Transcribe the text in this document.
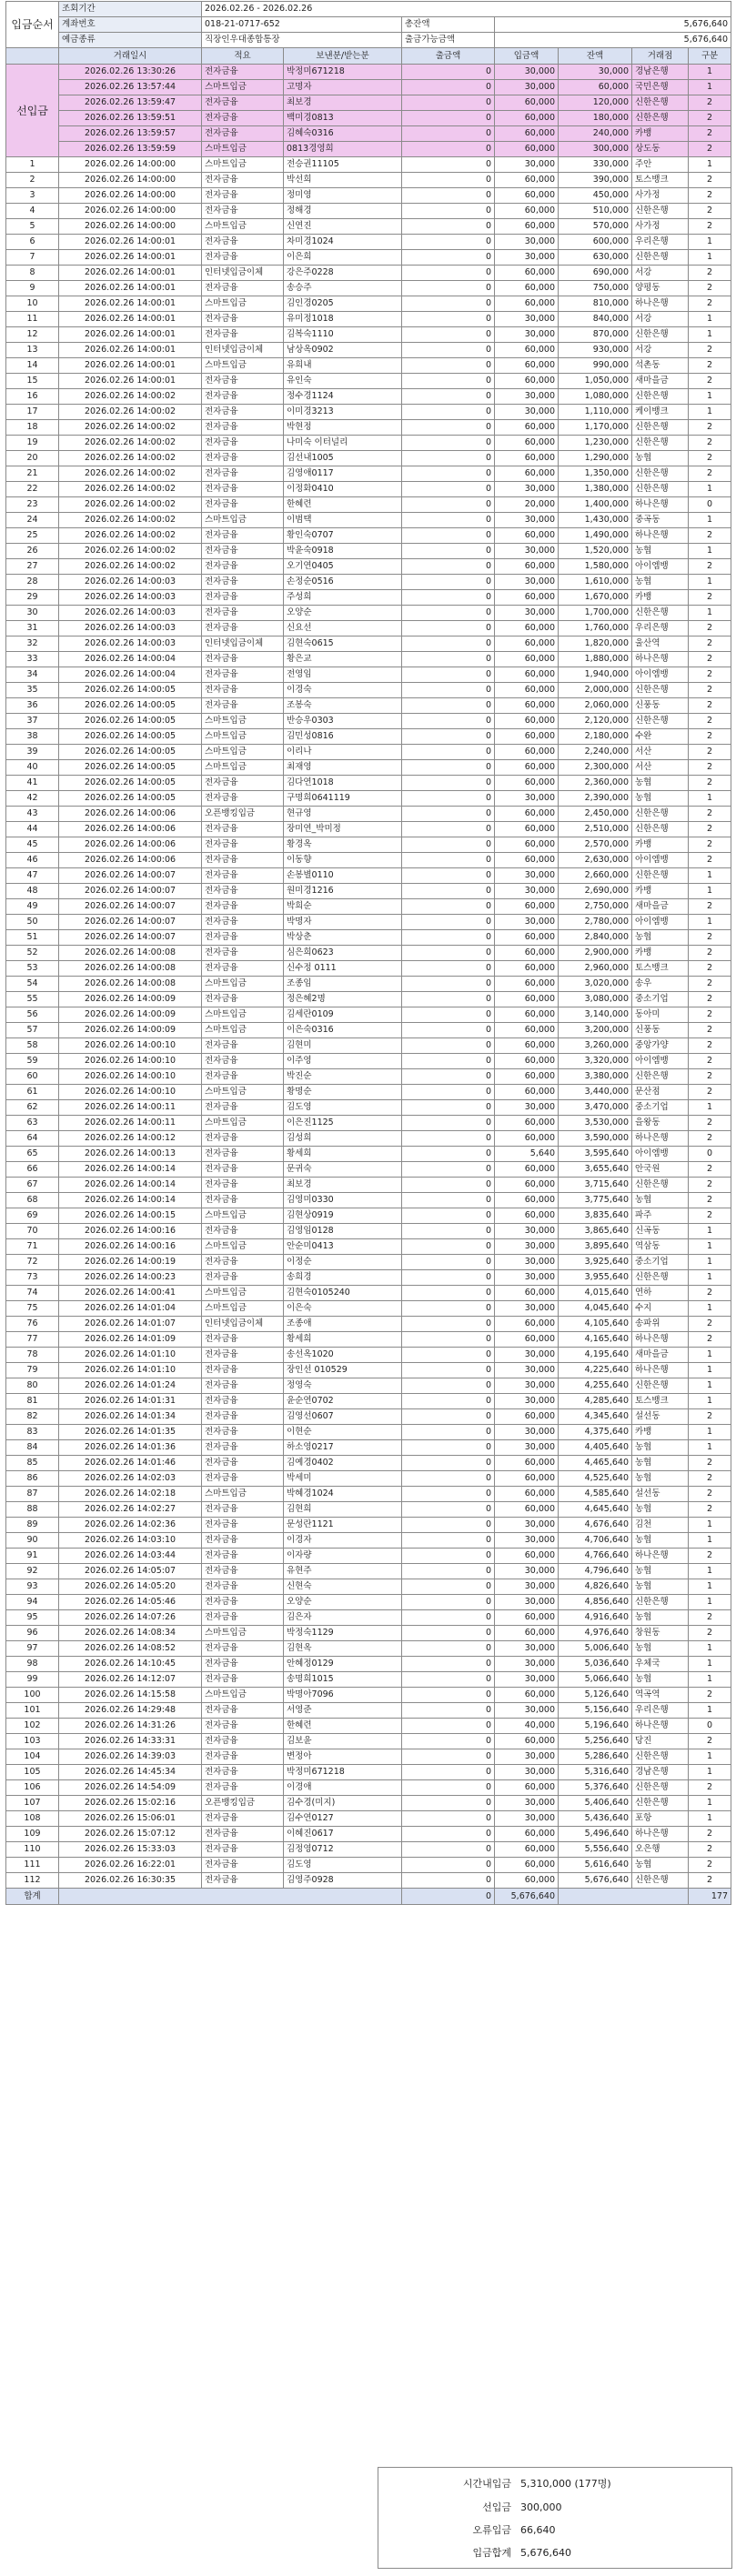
입금순서	조회기간	2026.02.26 - 2026.02.26						
	계좌번호	018-21-0717-652		총잔액	5,676,640			
	예금종류	직장인우대종합통장		출금가능금액	5,676,640			
	거래일시	적요	보낸분/받는분	출금액	입금액	잔액	거래점	구분
선입금	2026.02.26 13:30:26	전자금융	박정미671218	0	30,000	30,000	경남은행	1
	2026.02.26 13:57:44	스마트입금	고명자	0	30,000	60,000	국민은행	1
	2026.02.26 13:59:47	전자금융	최보경	0	60,000	120,000	신한은행	2
	2026.02.26 13:59:51	전자금융	백미경0813	0	60,000	180,000	신한은행	2
	2026.02.26 13:59:57	전자금융	김혜숙0316	0	60,000	240,000	카뱅	2
	2026.02.26 13:59:59	스마트입금	0813경영희	0	60,000	300,000	상도동	2
1	2026.02.26 14:00:00	스마트입금	전승권11105	0	30,000	330,000	주안	1
2	2026.02.26 14:00:00	전자금융	박선희	0	60,000	390,000	토스뱅크	2
3	2026.02.26 14:00:00	전자금융	정미영	0	60,000	450,000	사가정	2
4	2026.02.26 14:00:00	전자금융	정해경	0	60,000	510,000	신한은행	2
5	2026.02.26 14:00:00	스마트입금	신연진	0	60,000	570,000	사가정	2
6	2026.02.26 14:00:01	전자금융	차미경1024	0	30,000	600,000	우리은행	1
7	2026.02.26 14:00:01	전자금융	이은희	0	30,000	630,000	신한은행	1
8	2026.02.26 14:00:01	인터넷입금이체	강은주0228	0	60,000	690,000	서강	2
9	2026.02.26 14:00:01	전자금융	송승주	0	60,000	750,000	양평동	2
10	2026.02.26 14:00:01	스마트입금	김인경0205	0	60,000	810,000	하나은행	2
11	2026.02.26 14:00:01	전자금융	유미정1018	0	30,000	840,000	서강	1
12	2026.02.26 14:00:01	전자금융	김복숙1110	0	30,000	870,000	신한은행	1
13	2026.02.26 14:00:01	인터넷입금이체	남상옥0902	0	60,000	930,000	서강	2
14	2026.02.26 14:00:01	스마트입금	유희내	0	60,000	990,000	석촌동	2
15	2026.02.26 14:00:01	전자금융	유인숙	0	60,000	1,050,000	새마을금	2
16	2026.02.26 14:00:02	전자금융	정수경1124	0	30,000	1,080,000	신한은행	1
17	2026.02.26 14:00:02	전자금융	이미경3213	0	30,000	1,110,000	케이뱅크	1
18	2026.02.26 14:00:02	전자금융	박현정	0	60,000	1,170,000	신한은행	2
19	2026.02.26 14:00:02	전자금융	나미숙 이터널리	0	60,000	1,230,000	신한은행	2
20	2026.02.26 14:00:02	전자금융	김선내1005	0	60,000	1,290,000	농협	2
21	2026.02.26 14:00:02	전자금융	김영애0117	0	60,000	1,350,000	신한은행	2
22	2026.02.26 14:00:02	전자금융	이정화0410	0	30,000	1,380,000	신한은행	1
23	2026.02.26 14:00:02	전자금융	한혜련	0	20,000	1,400,000	하나은행	0
24	2026.02.26 14:00:02	스마트입금	이범택	0	30,000	1,430,000	중곡동	1
25	2026.02.26 14:00:02	전자금융	황인숙0707	0	60,000	1,490,000	하나은행	2
26	2026.02.26 14:00:02	전자금융	박윤숙0918	0	30,000	1,520,000	농협	1
27	2026.02.26 14:00:02	전자금융	오기연0405	0	60,000	1,580,000	아이엠뱅	2
28	2026.02.26 14:00:03	전자금융	손정순0516	0	30,000	1,610,000	농협	1
29	2026.02.26 14:00:03	전자금융	주성희	0	60,000	1,670,000	카뱅	2
30	2026.02.26 14:00:03	전자금융	오양순	0	30,000	1,700,000	신한은행	1
31	2026.02.26 14:00:03	전자금융	신요선	0	60,000	1,760,000	우리은행	2
32	2026.02.26 14:00:03	인터넷입금이체	김현숙0615	0	60,000	1,820,000	울산역	2
33	2026.02.26 14:00:04	전자금융	황은교	0	60,000	1,880,000	하나은행	2
34	2026.02.26 14:00:04	전자금융	전영임	0	60,000	1,940,000	아이엠뱅	2
35	2026.02.26 14:00:05	전자금융	이경숙	0	60,000	2,000,000	신한은행	2
36	2026.02.26 14:00:05	전자금융	조봉숙	0	60,000	2,060,000	신풍동	2
37	2026.02.26 14:00:05	스마트입금	반승우0303	0	60,000	2,120,000	신한은행	2
38	2026.02.26 14:00:05	스마트입금	김민성0816	0	60,000	2,180,000	수완	2
39	2026.02.26 14:00:05	스마트입금	이리나	0	60,000	2,240,000	서산	2
40	2026.02.26 14:00:05	스마트입금	최재영	0	60,000	2,300,000	서산	2
41	2026.02.26 14:00:05	전자금융	김다연1018	0	60,000	2,360,000	농협	2
42	2026.02.26 14:00:05	전자금융	구명희0641119	0	30,000	2,390,000	농협	1
43	2026.02.26 14:00:06	오픈뱅킹입금	현규영	0	60,000	2,450,000	신한은행	2
44	2026.02.26 14:00:06	전자금융	장미연_박미정	0	60,000	2,510,000	신한은행	2
45	2026.02.26 14:00:06	전자금융	황경옥	0	60,000	2,570,000	카뱅	2
46	2026.02.26 14:00:06	전자금융	이동향	0	60,000	2,630,000	아이엠뱅	2
47	2026.02.26 14:00:07	전자금융	손봉별0110	0	30,000	2,660,000	신한은행	1
48	2026.02.26 14:00:07	전자금융	원미경1216	0	30,000	2,690,000	카뱅	1
49	2026.02.26 14:00:07	전자금융	박희순	0	60,000	2,750,000	새마을금	2
50	2026.02.26 14:00:07	전자금융	박명자	0	30,000	2,780,000	아이엠뱅	1
51	2026.02.26 14:00:07	전자금융	박상춘	0	60,000	2,840,000	농협	2
52	2026.02.26 14:00:08	전자금융	심은희0623	0	60,000	2,900,000	카뱅	2
53	2026.02.26 14:00:08	전자금융	신수정 0111	0	60,000	2,960,000	토스뱅크	2
54	2026.02.26 14:00:08	스마트입금	조종임	0	60,000	3,020,000	송우	2
55	2026.02.26 14:00:09	전자금융	정은혜2명	0	60,000	3,080,000	중소기업	2
56	2026.02.26 14:00:09	스마트입금	김세란0109	0	60,000	3,140,000	동아미	2
57	2026.02.26 14:00:09	스마트입금	이은숙0316	0	60,000	3,200,000	신풍동	2
58	2026.02.26 14:00:10	전자금융	김현미	0	60,000	3,260,000	중앙가양	2
59	2026.02.26 14:00:10	전자금융	이주영	0	60,000	3,320,000	아이엠뱅	2
60	2026.02.26 14:00:10	전자금융	박진순	0	60,000	3,380,000	신한은행	2
61	2026.02.26 14:00:10	스마트입금	황명순	0	60,000	3,440,000	문산점	2
62	2026.02.26 14:00:11	전자금융	김도영	0	30,000	3,470,000	중소기업	1
63	2026.02.26 14:00:11	스마트입금	이은진1125	0	60,000	3,530,000	을왕동	2
64	2026.02.26 14:00:12	전자금융	김성희	0	60,000	3,590,000	하나은행	2
65	2026.02.26 14:00:13	전자금융	황세희	0	5,640	3,595,640	아이엠뱅	0
66	2026.02.26 14:00:14	전자금융	문귀숙	0	60,000	3,655,640	안국원	2
67	2026.02.26 14:00:14	전자금융	최보경	0	60,000	3,715,640	신한은행	2
68	2026.02.26 14:00:14	전자금융	김영미0330	0	60,000	3,775,640	농협	2
69	2026.02.26 14:00:15	스마트입금	김현상0919	0	60,000	3,835,640	파주	2
70	2026.02.26 14:00:16	전자금융	김영임0128	0	30,000	3,865,640	신곡동	1
71	2026.02.26 14:00:16	스마트입금	안순미0413	0	30,000	3,895,640	역삼동	1
72	2026.02.26 14:00:19	전자금융	이정순	0	30,000	3,925,640	중소기업	1
73	2026.02.26 14:00:23	전자금융	송희경	0	30,000	3,955,640	신한은행	1
74	2026.02.26 14:00:41	스마트입금	김현숙0105240	0	60,000	4,015,640	연하	2
75	2026.02.26 14:01:04	스마트입금	이은숙	0	30,000	4,045,640	수지	1
76	2026.02.26 14:01:07	인터넷입금이체	조종애	0	60,000	4,105,640	송파위	2
77	2026.02.26 14:01:09	전자금융	황세희	0	60,000	4,165,640	하나은행	2
78	2026.02.26 14:01:10	전자금융	송선옥1020	0	30,000	4,195,640	새마을금	1
79	2026.02.26 14:01:10	전자금융	장인선 010529	0	30,000	4,225,640	하나은행	1
80	2026.02.26 14:01:24	전자금융	정영숙	0	30,000	4,255,640	신한은행	1
81	2026.02.26 14:01:31	전자금융	윤순연0702	0	30,000	4,285,640	토스뱅크	1
82	2026.02.26 14:01:34	전자금융	김영선0607	0	60,000	4,345,640	설선동	2
83	2026.02.26 14:01:35	전자금융	이현순	0	30,000	4,375,640	카뱅	1
84	2026.02.26 14:01:36	전자금융	하소영0217	0	30,000	4,405,640	농협	1
85	2026.02.26 14:01:46	전자금융	김예경0402	0	60,000	4,465,640	농협	2
86	2026.02.26 14:02:03	전자금융	박세미	0	60,000	4,525,640	농협	2
87	2026.02.26 14:02:18	스마트입금	박혜경1024	0	60,000	4,585,640	설선동	2
88	2026.02.26 14:02:27	전자금융	김현희	0	60,000	4,645,640	농협	2
89	2026.02.26 14:02:36	전자금융	문성란1121	0	30,000	4,676,640	김천	1
90	2026.02.26 14:03:10	전자금융	이경자	0	30,000	4,706,640	농협	1
91	2026.02.26 14:03:44	전자금융	이자량	0	60,000	4,766,640	하나은행	2
92	2026.02.26 14:05:07	전자금융	유현주	0	30,000	4,796,640	농협	1
93	2026.02.26 14:05:20	전자금융	신현숙	0	30,000	4,826,640	농협	1
94	2026.02.26 14:05:46	전자금융	오양순	0	30,000	4,856,640	신한은행	1
95	2026.02.26 14:07:26	전자금융	김은자	0	60,000	4,916,640	농협	2
96	2026.02.26 14:08:34	스마트입금	박정숙1129	0	60,000	4,976,640	창원동	2
97	2026.02.26 14:08:52	전자금융	김현옥	0	30,000	5,006,640	농협	1
98	2026.02.26 14:10:45	전자금융	안혜정0129	0	30,000	5,036,640	우체국	1
99	2026.02.26 14:12:07	전자금융	송명희1015	0	30,000	5,066,640	농협	1
100	2026.02.26 14:15:58	스마트입금	박명아7096	0	60,000	5,126,640	역곡역	2
101	2026.02.26 14:29:48	전자금융	서영준	0	30,000	5,156,640	우리은행	1
102	2026.02.26 14:31:26	전자금융	한혜련	0	40,000	5,196,640	하나은행	0
103	2026.02.26 14:33:31	전자금융	김보윤	0	60,000	5,256,640	당진	2
104	2026.02.26 14:39:03	전자금융	변정아	0	30,000	5,286,640	신한은행	1
105	2026.02.26 14:45:34	전자금융	박정미671218	0	30,000	5,316,640	경남은행	1
106	2026.02.26 14:54:09	전자금융	이경애	0	60,000	5,376,640	신한은행	2
107	2026.02.26 15:02:16	오픈뱅킹입금	김수경(미지)	0	30,000	5,406,640	신한은행	1
108	2026.02.26 15:06:01	전자금융	김수연0127	0	30,000	5,436,640	포항	1
109	2026.02.26 15:07:12	전자금융	이혜진0617	0	60,000	5,496,640	하나은행	2
110	2026.02.26 15:33:03	전자금융	김정영0712	0	60,000	5,556,640	오은행	2
111	2026.02.26 16:22:01	전자금융	김도영	0	60,000	5,616,640	농협	2
112	2026.02.26 16:30:35	전자금융	김영주0928	0	60,000	5,676,640	신한은행	2
합계				0	5,676,640			177
시간내입금 5,310,000 (177명)
선입금 300,000
오류입금 66,640
입금합계 5,676,640
